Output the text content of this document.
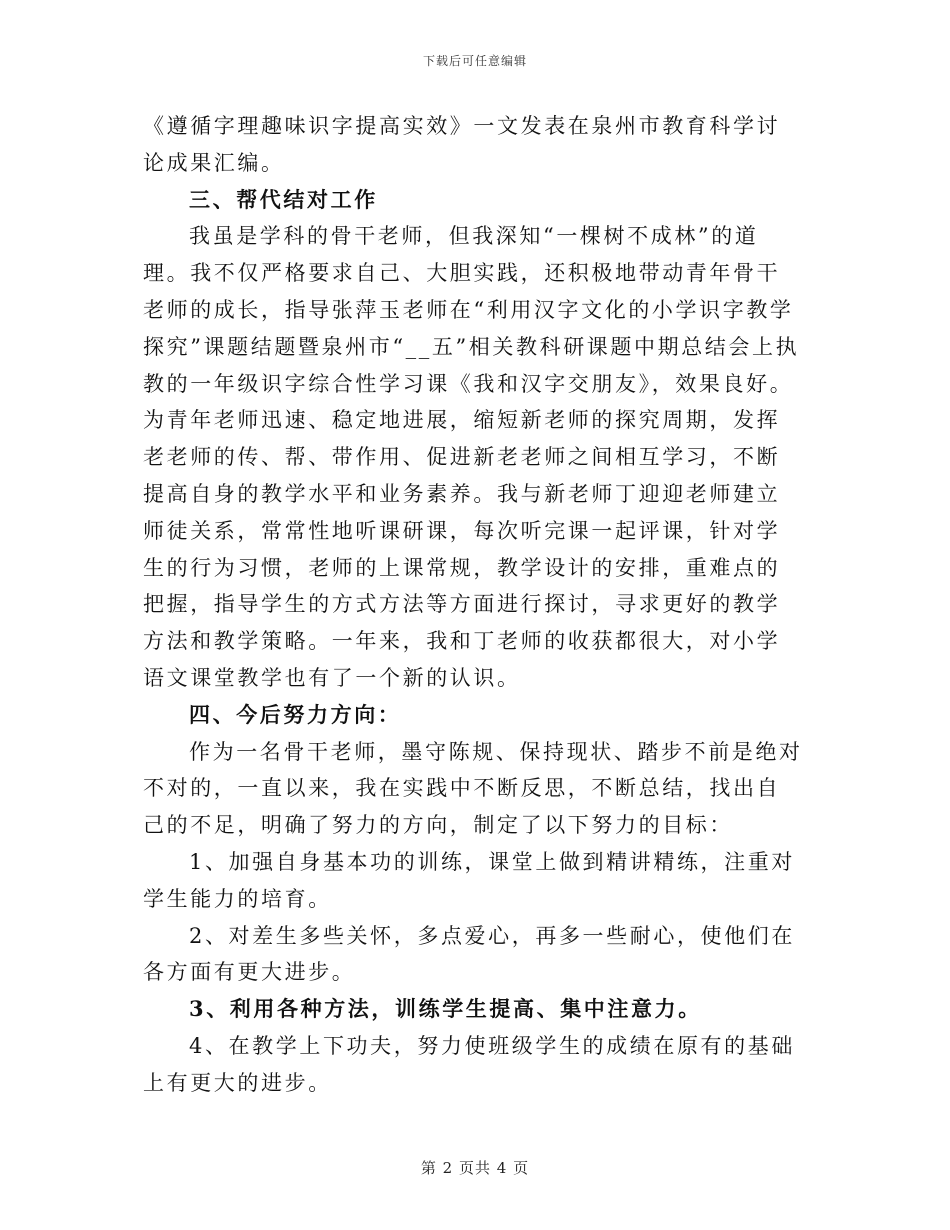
下载后可任意编辑

《遵循字理趣味识字提高实效》一文发表在泉州市教育科学讨论成果汇编。

三、帮代结对工作

我虽是学科的骨干老师，但我深知“一棵树不成林”的道理。我不仅严格要求自己、大胆实践，还积极地带动青年骨干老师的成长，指导张萍玉老师在“利用汉字文化的小学识字教学探究”课题结题暨泉州市“__五”相关教科研课题中期总结会上执教的一年级识字综合性学习课《我和汉字交朋友》，效果良好。为青年老师迅速、稳定地进展，缩短新老师的探究周期，发挥老老师的传、帮、带作用、促进新老老师之间相互学习，不断提高自身的教学水平和业务素养。我与新老师丁迎迎老师建立师徒关系，常常性地听课研课，每次听完课一起评课，针对学生的行为习惯，老师的上课常规，教学设计的安排，重难点的把握，指导学生的方式方法等方面进行探讨，寻求更好的教学方法和教学策略。一年来，我和丁老师的收获都很大，对小学语文课堂教学也有了一个新的认识。

四、今后努力方向：

作为一名骨干老师，墨守陈规、保持现状、踏步不前是绝对不对的，一直以来，我在实践中不断反思，不断总结，找出自己的不足，明确了努力的方向，制定了以下努力的目标：

1、加强自身基本功的训练，课堂上做到精讲精练，注重对学生能力的培育。

2、对差生多些关怀，多点爱心，再多一些耐心，使他们在各方面有更大进步。

3、利用各种方法，训练学生提高、集中注意力。

4、在教学上下功夫，努力使班级学生的成绩在原有的基础上有更大的进步。

第 2 页共 4 页
